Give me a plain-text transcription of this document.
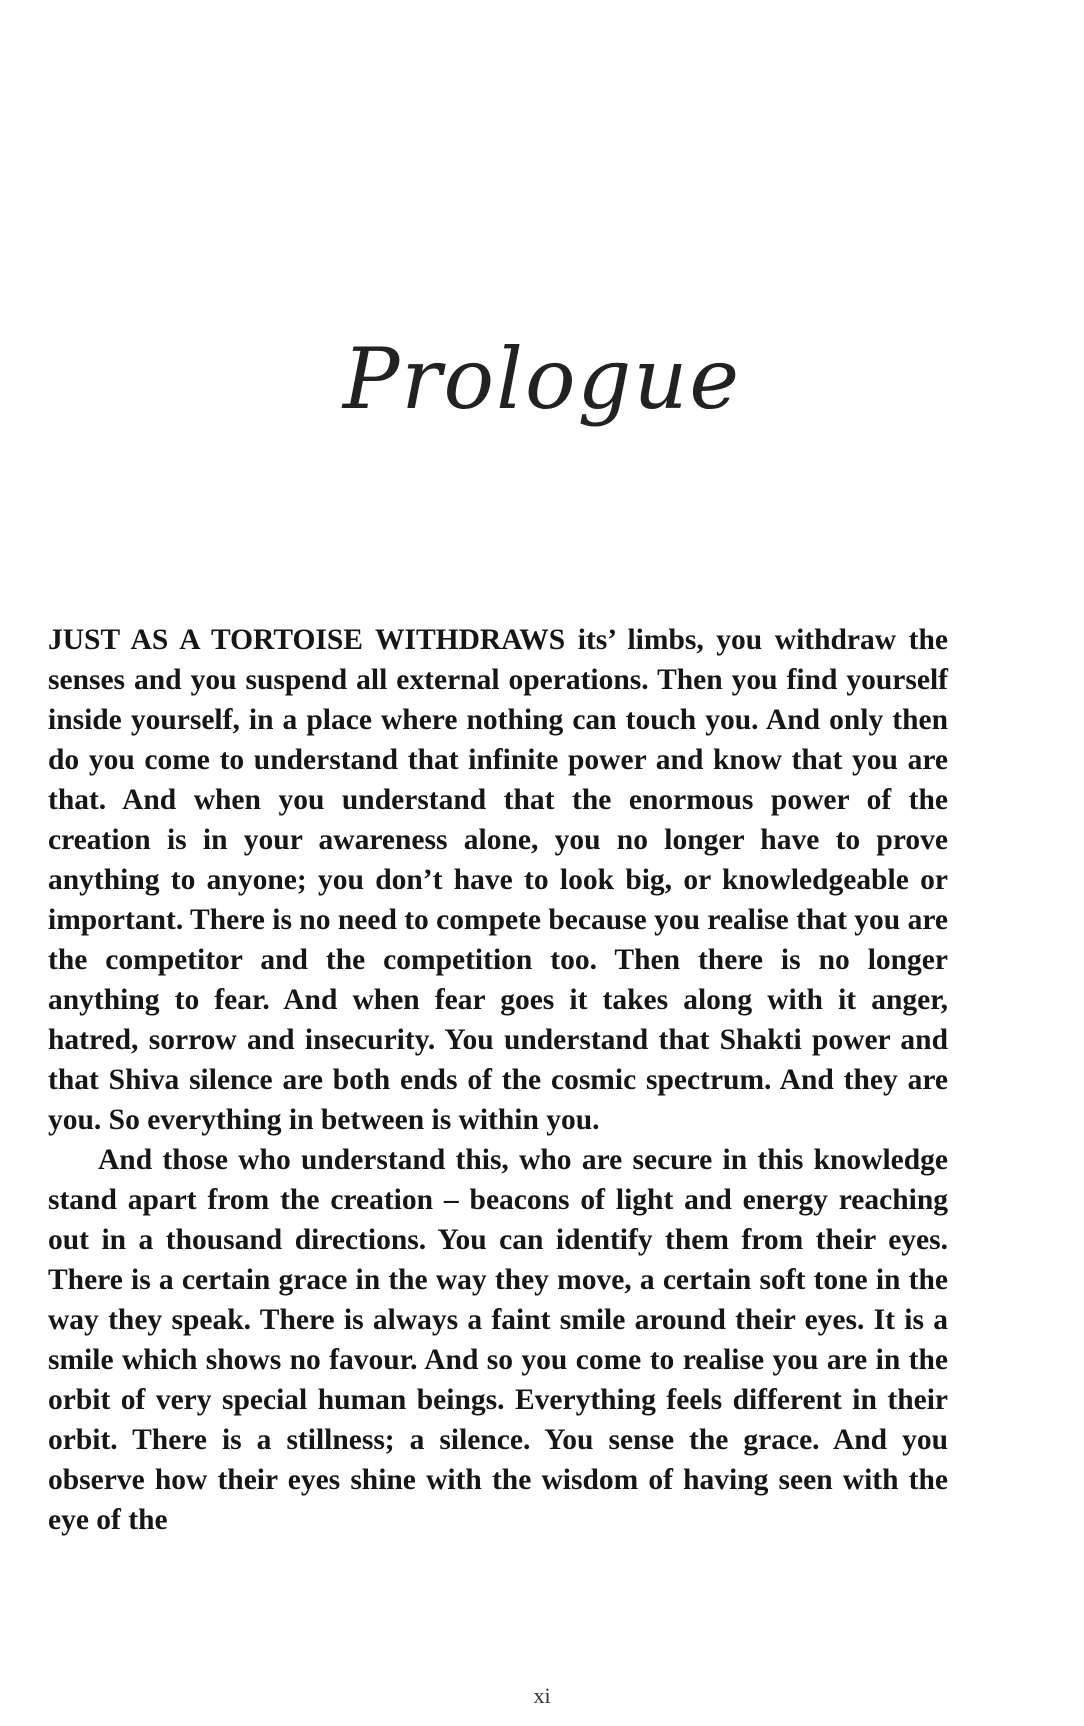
Prologue

JUST AS A TORTOISE WITHDRAWS its’ limbs, you withdraw the senses and you suspend all external operations. Then you find yourself inside yourself, in a place where nothing can touch you. And only then do you come to understand that infinite power and know that you are that. And when you understand that the enormous power of the creation is in your awareness alone, you no longer have to prove anything to anyone; you don’t have to look big, or knowledgeable or important. There is no need to compete because you realise that you are the competitor and the competition too. Then there is no longer anything to fear. And when fear goes it takes along with it anger, hatred, sorrow and insecurity. You understand that Shakti power and that Shiva silence are both ends of the cosmic spectrum. And they are you. So everything in between is within you.

And those who understand this, who are secure in this knowledge stand apart from the creation – beacons of light and energy reaching out in a thousand directions. You can identify them from their eyes. There is a certain grace in the way they move, a certain soft tone in the way they speak. There is always a faint smile around their eyes. It is a smile which shows no favour. And so you come to realise you are in the orbit of very special human beings. Everything feels different in their orbit. There is a stillness; a silence. You sense the grace. And you observe how their eyes shine with the wisdom of having seen with the eye of the

xi
